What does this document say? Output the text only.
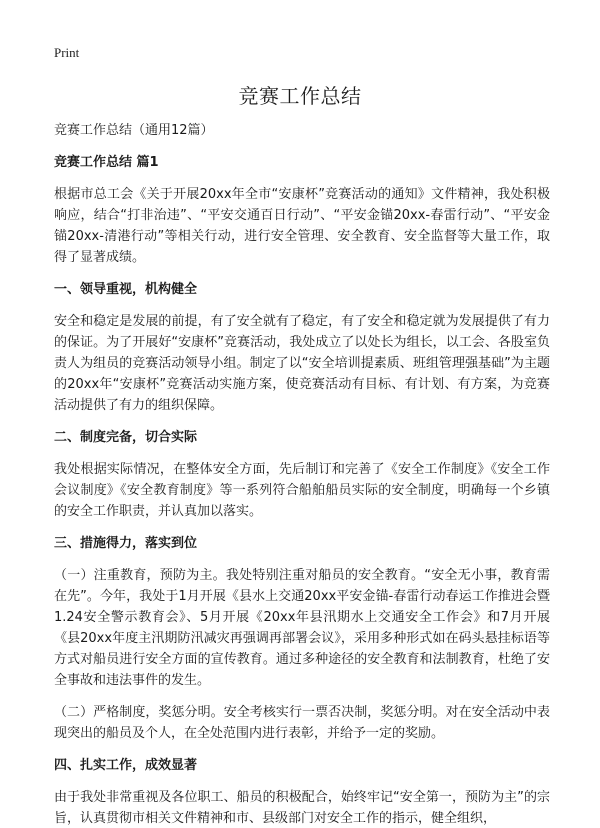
Print
竞赛工作总结

竞赛工作总结（通用12篇）

竞赛工作总结 篇1

根据市总工会《关于开展20xx年全市“安康杯”竞赛活动的通知》文件精神，我处积极响应，结合“打非治违”、“平安交通百日行动”、“平安金锚20xx-春雷行动”、“平安金锚20xx-清港行动”等相关行动，进行安全管理、安全教育、安全监督等大量工作，取得了显著成绩。

一、领导重视，机构健全

安全和稳定是发展的前提，有了安全就有了稳定，有了安全和稳定就为发展提供了有力的保证。为了开展好“安康杯”竞赛活动，我处成立了以处长为组长，以工会、各股室负责人为组员的竞赛活动领导小组。制定了以“安全培训提素质、班组管理强基础”为主题的20xx年“安康杯”竞赛活动实施方案，使竞赛活动有目标、有计划、有方案，为竞赛活动提供了有力的组织保障。

二、制度完备，切合实际

我处根据实际情况，在整体安全方面，先后制订和完善了《安全工作制度》《安全工作会议制度》《安全教育制度》等一系列符合船舶船员实际的安全制度，明确每一个乡镇的安全工作职责，并认真加以落实。

三、措施得力，落实到位

（一）注重教育，预防为主。我处特别注重对船员的安全教育。“安全无小事，教育需在先”。今年，我处于1月开展《县水上交通20xx平安金锚-春雷行动春运工作推进会暨1.24安全警示教育会》、5月开展《20xx年县汛期水上交通安全工作会》和7月开展《县20xx年度主汛期防汛减灾再强调再部署会议》，采用多种形式如在码头悬挂标语等方式对船员进行安全方面的宣传教育。通过多种途径的安全教育和法制教育，杜绝了安全事故和违法事件的发生。

（二）严格制度，奖惩分明。安全考核实行一票否决制，奖惩分明。对在安全活动中表现突出的船员及个人，在全处范围内进行表彰，并给予一定的奖励。

四、扎实工作，成效显著

由于我处非常重视及各位职工、船员的积极配合，始终牢记“安全第一，预防为主”的宗旨，认真贯彻市相关文件精神和市、县级部门对安全工作的指示，健全组织，
